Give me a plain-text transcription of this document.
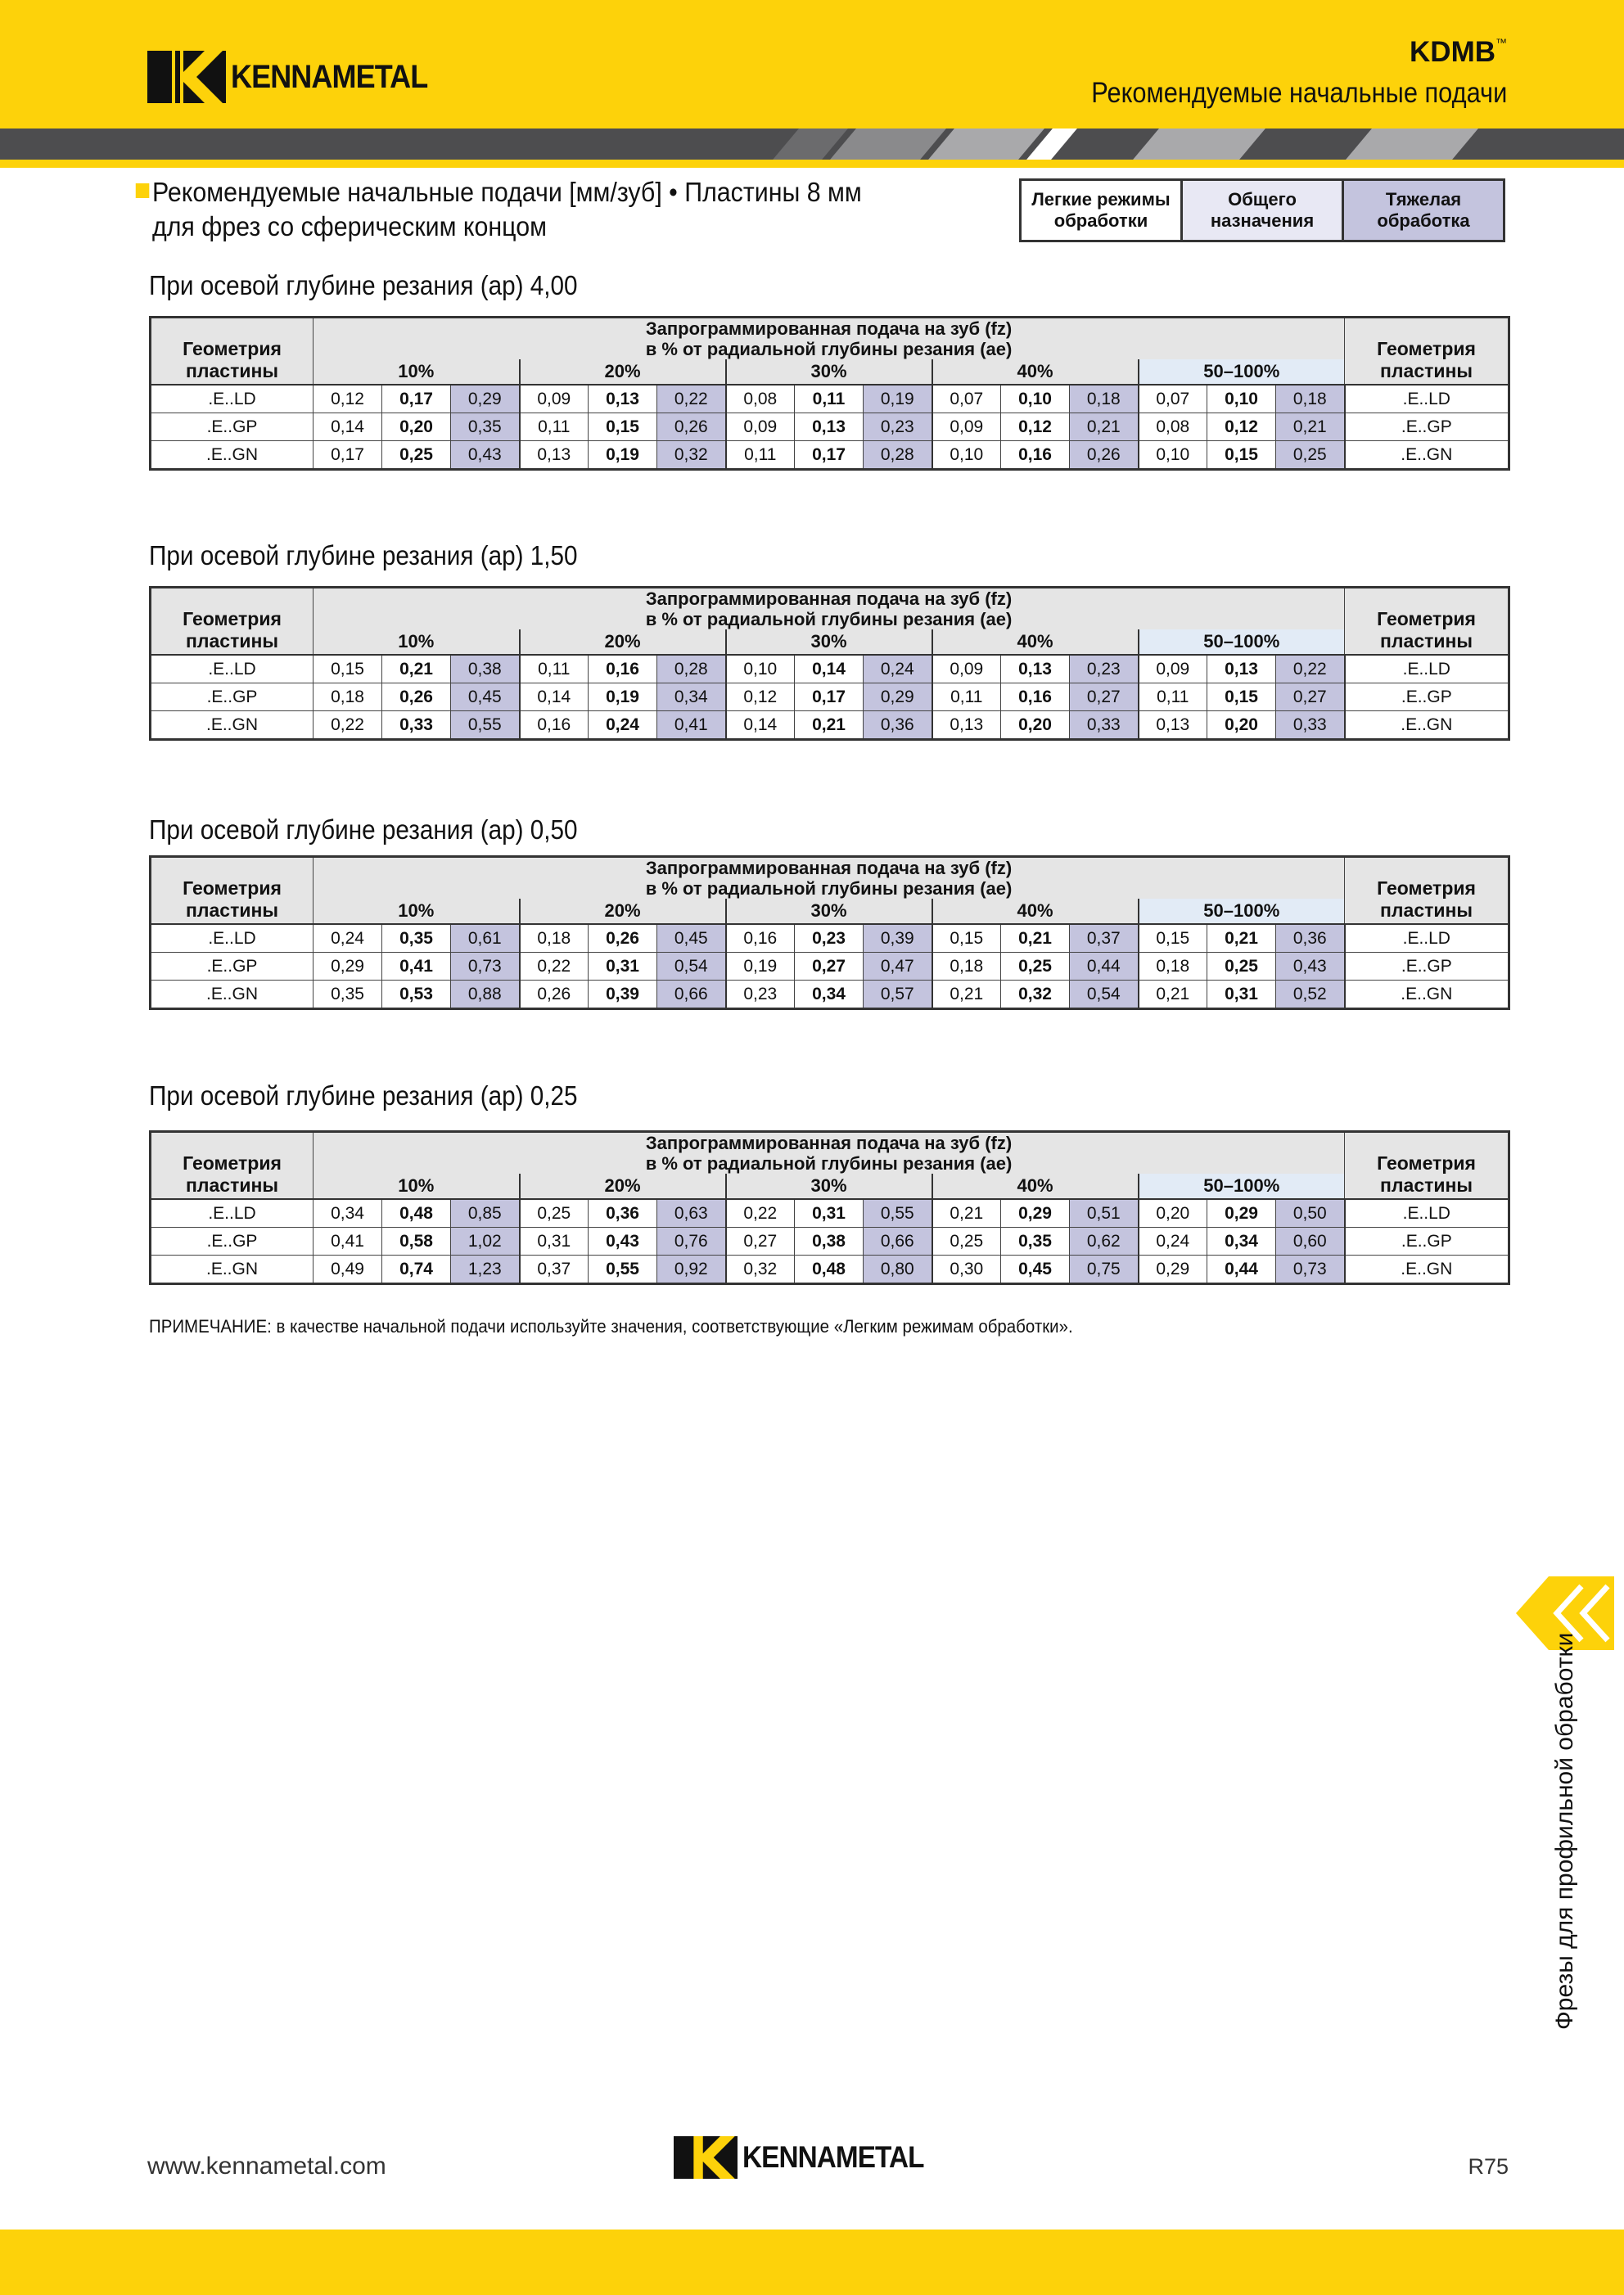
KENNAMETAL
KDMB™
Рекомендуемые начальные подачи
Рекомендуемые начальные подачи [мм/зуб] • Пластины 8 мм
для фрез со сферическим концом
Легкие режимы
обработки	Общего
назначения	Тяжелая
обработка
При осевой глубине резания (ap) 4,00
Геометрия
пластины	Запрограммированная подача на зуб (fz)
в % от радиальной глубины резания (ae)															Геометрия
пластины
	10%			20%			30%			40%			50–100%			
.E..LD	0,12	0,17	0,29	0,09	0,13	0,22	0,08	0,11	0,19	0,07	0,10	0,18	0,07	0,10	0,18	.E..LD
.E..GP	0,14	0,20	0,35	0,11	0,15	0,26	0,09	0,13	0,23	0,09	0,12	0,21	0,08	0,12	0,21	.E..GP
.E..GN	0,17	0,25	0,43	0,13	0,19	0,32	0,11	0,17	0,28	0,10	0,16	0,26	0,10	0,15	0,25	.E..GN
При осевой глубине резания (ap) 1,50
Геометрия
пластины	Запрограммированная подача на зуб (fz)
в % от радиальной глубины резания (ae)															Геометрия
пластины
	10%			20%			30%			40%			50–100%			
.E..LD	0,15	0,21	0,38	0,11	0,16	0,28	0,10	0,14	0,24	0,09	0,13	0,23	0,09	0,13	0,22	.E..LD
.E..GP	0,18	0,26	0,45	0,14	0,19	0,34	0,12	0,17	0,29	0,11	0,16	0,27	0,11	0,15	0,27	.E..GP
.E..GN	0,22	0,33	0,55	0,16	0,24	0,41	0,14	0,21	0,36	0,13	0,20	0,33	0,13	0,20	0,33	.E..GN
При осевой глубине резания (ap) 0,50
Геометрия
пластины	Запрограммированная подача на зуб (fz)
в % от радиальной глубины резания (ae)															Геометрия
пластины
	10%			20%			30%			40%			50–100%			
.E..LD	0,24	0,35	0,61	0,18	0,26	0,45	0,16	0,23	0,39	0,15	0,21	0,37	0,15	0,21	0,36	.E..LD
.E..GP	0,29	0,41	0,73	0,22	0,31	0,54	0,19	0,27	0,47	0,18	0,25	0,44	0,18	0,25	0,43	.E..GP
.E..GN	0,35	0,53	0,88	0,26	0,39	0,66	0,23	0,34	0,57	0,21	0,32	0,54	0,21	0,31	0,52	.E..GN
При осевой глубине резания (ap) 0,25
Геометрия
пластины	Запрограммированная подача на зуб (fz)
в % от радиальной глубины резания (ae)															Геометрия
пластины
	10%			20%			30%			40%			50–100%			
.E..LD	0,34	0,48	0,85	0,25	0,36	0,63	0,22	0,31	0,55	0,21	0,29	0,51	0,20	0,29	0,50	.E..LD
.E..GP	0,41	0,58	1,02	0,31	0,43	0,76	0,27	0,38	0,66	0,25	0,35	0,62	0,24	0,34	0,60	.E..GP
.E..GN	0,49	0,74	1,23	0,37	0,55	0,92	0,32	0,48	0,80	0,30	0,45	0,75	0,29	0,44	0,73	.E..GN
ПРИМЕЧАНИЕ: в качестве начальной подачи используйте значения, соответствующие «Легким режимам обработки».
Фрезы для профильной обработки
www.kennametal.com	KENNAMETAL	R75
